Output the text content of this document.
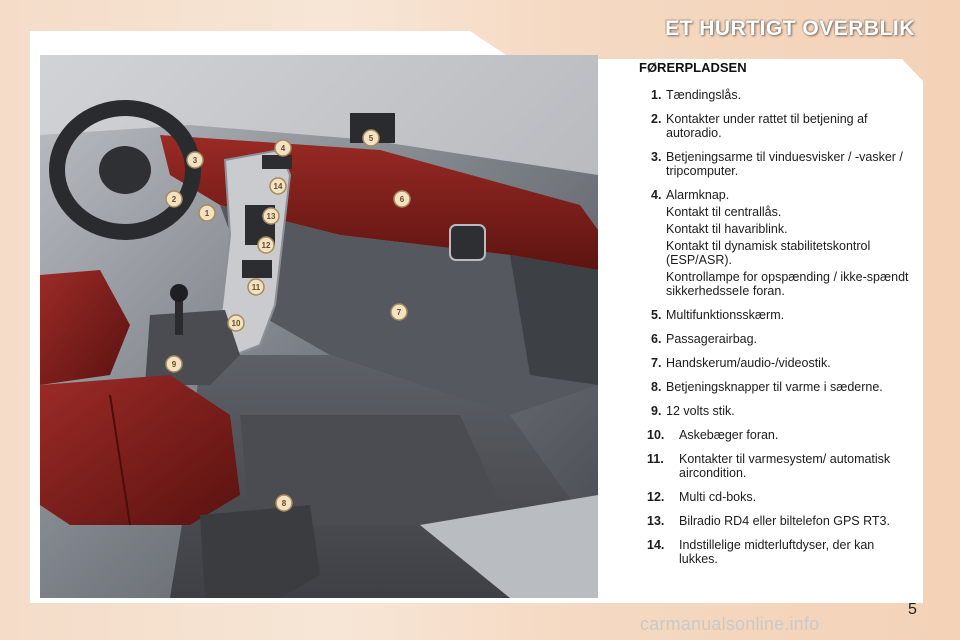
ET HURTIGT OVERBLIK
1
2
3
4
5
6
7
8
9
10
11
12
13
14
FØRERPLADSEN
1. Tændingslås.
2. Kontakter under rattet til betjening af autoradio.
3. Betjeningsarme til vinduesvisker / -vasker / tripcomputer.
4. Alarmknap.
Kontakt til centrallås.
Kontakt til havariblink.
Kontakt til dynamisk stabilitetskontrol (ESP/ASR).
Kontrollampe for opspænding / ikke-spændt sikkerhedsseIe foran.
5. Multifunktionsskærm.
6. Passagerairbag.
7. Handskerum/audio-/videostik.
8. Betjeningsknapper til varme i sæderne.
9. 12 volts stik.
10.	Askebæger foran.
11.	Kontakter til varmesystem/ automatisk aircondition.
12.	Multi cd-boks.
13.	Bilradio RD4 eller biltelefon GPS RT3.
14.	Indstillelige midterluftdyser, der kan lukkes.
5
carmanualsonline.info
